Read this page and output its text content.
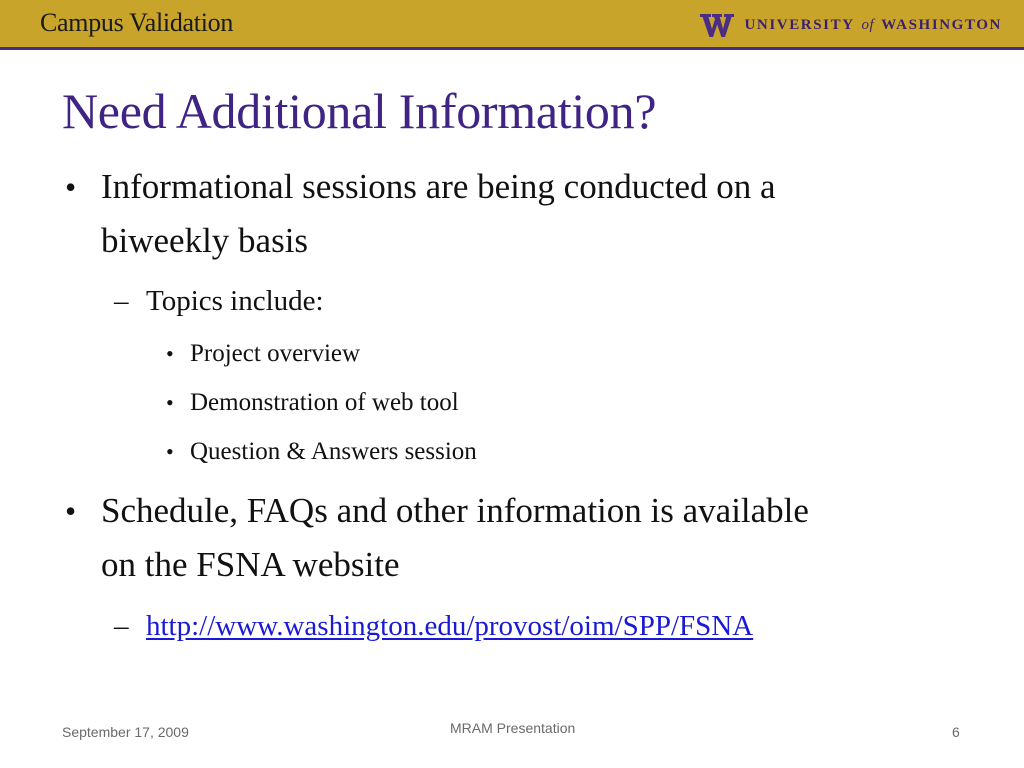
Campus Validation	UNIVERSITY of WASHINGTON
Need Additional Information?
• Informational sessions are being conducted on a
biweekly basis
– Topics include:
• Project overview
• Demonstration of web tool
• Question & Answers session
• Schedule, FAQs and other information is available
on the FSNA website
– http://www.washington.edu/provost/oim/SPP/FSNA
September 17, 2009	MRAM Presentation	6
